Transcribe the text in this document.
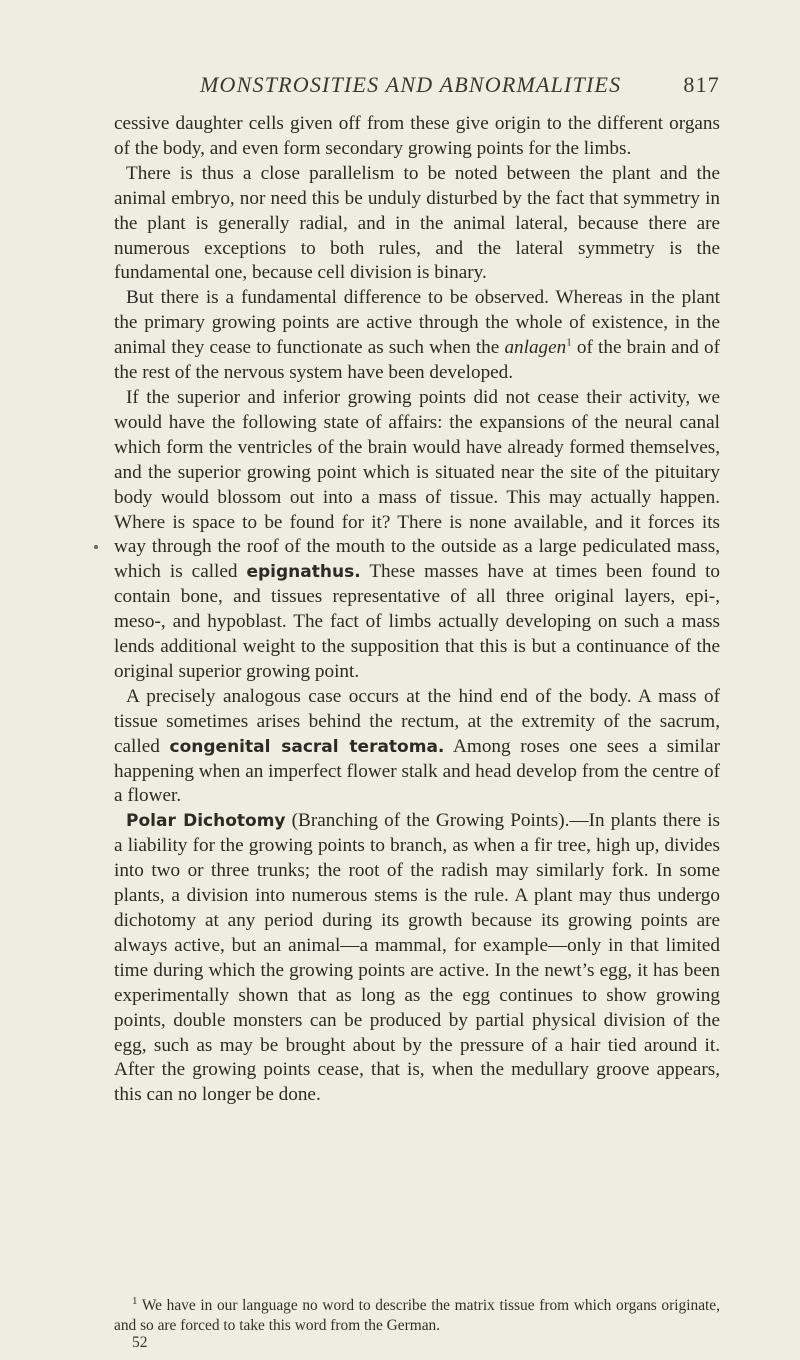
MONSTROSITIES AND ABNORMALITIES	817

cessive daughter cells given off from these give origin to the different organs of the body, and even form secondary growing points for the limbs.

There is thus a close parallelism to be noted between the plant and the animal embryo, nor need this be unduly disturbed by the fact that symmetry in the plant is generally radial, and in the animal lateral, because there are numerous exceptions to both rules, and the lateral symmetry is the fundamental one, because cell division is binary.

But there is a fundamental difference to be observed. Whereas in the plant the primary growing points are active through the whole of existence, in the animal they cease to functionate as such when the anlagen$^1$ of the brain and of the rest of the nervous system have been developed.

If the superior and inferior growing points did not cease their activity, we would have the following state of affairs: the expansions of the neural canal which form the ventricles of the brain would have already formed themselves, and the superior growing point which is situated near the site of the pituitary body would blossom out into a mass of tissue. This may actually happen. Where is space to be found for it? There is none available, and it forces its way through the roof of the mouth to the outside as a large pediculated mass, which is called epignathus. These masses have at times been found to contain bone, and tissues representative of all three original layers, epi-, meso-, and hypoblast. The fact of limbs actually developing on such a mass lends additional weight to the supposition that this is but a continuance of the original superior growing point.

A precisely analogous case occurs at the hind end of the body. A mass of tissue sometimes arises behind the rectum, at the extremity of the sacrum, called congenital sacral teratoma. Among roses one sees a similar happening when an imperfect flower stalk and head develop from the centre of a flower.

Polar Dichotomy (Branching of the Growing Points).—In plants there is a liability for the growing points to branch, as when a fir tree, high up, divides into two or three trunks; the root of the radish may similarly fork. In some plants, a division into numerous stems is the rule. A plant may thus undergo dichotomy at any period during its growth because its growing points are always active, but an animal—a mammal, for example—only in that limited time during which the growing points are active. In the newt’s egg, it has been experimentally shown that as long as the egg continues to show growing points, double monsters can be produced by partial physical division of the egg, such as may be brought about by the pressure of a hair tied around it. After the growing points cease, that is, when the medullary groove appears, this can no longer be done.

$^1$ We have in our language no word to describe the matrix tissue from which organs originate, and so are forced to take this word from the German.
52
